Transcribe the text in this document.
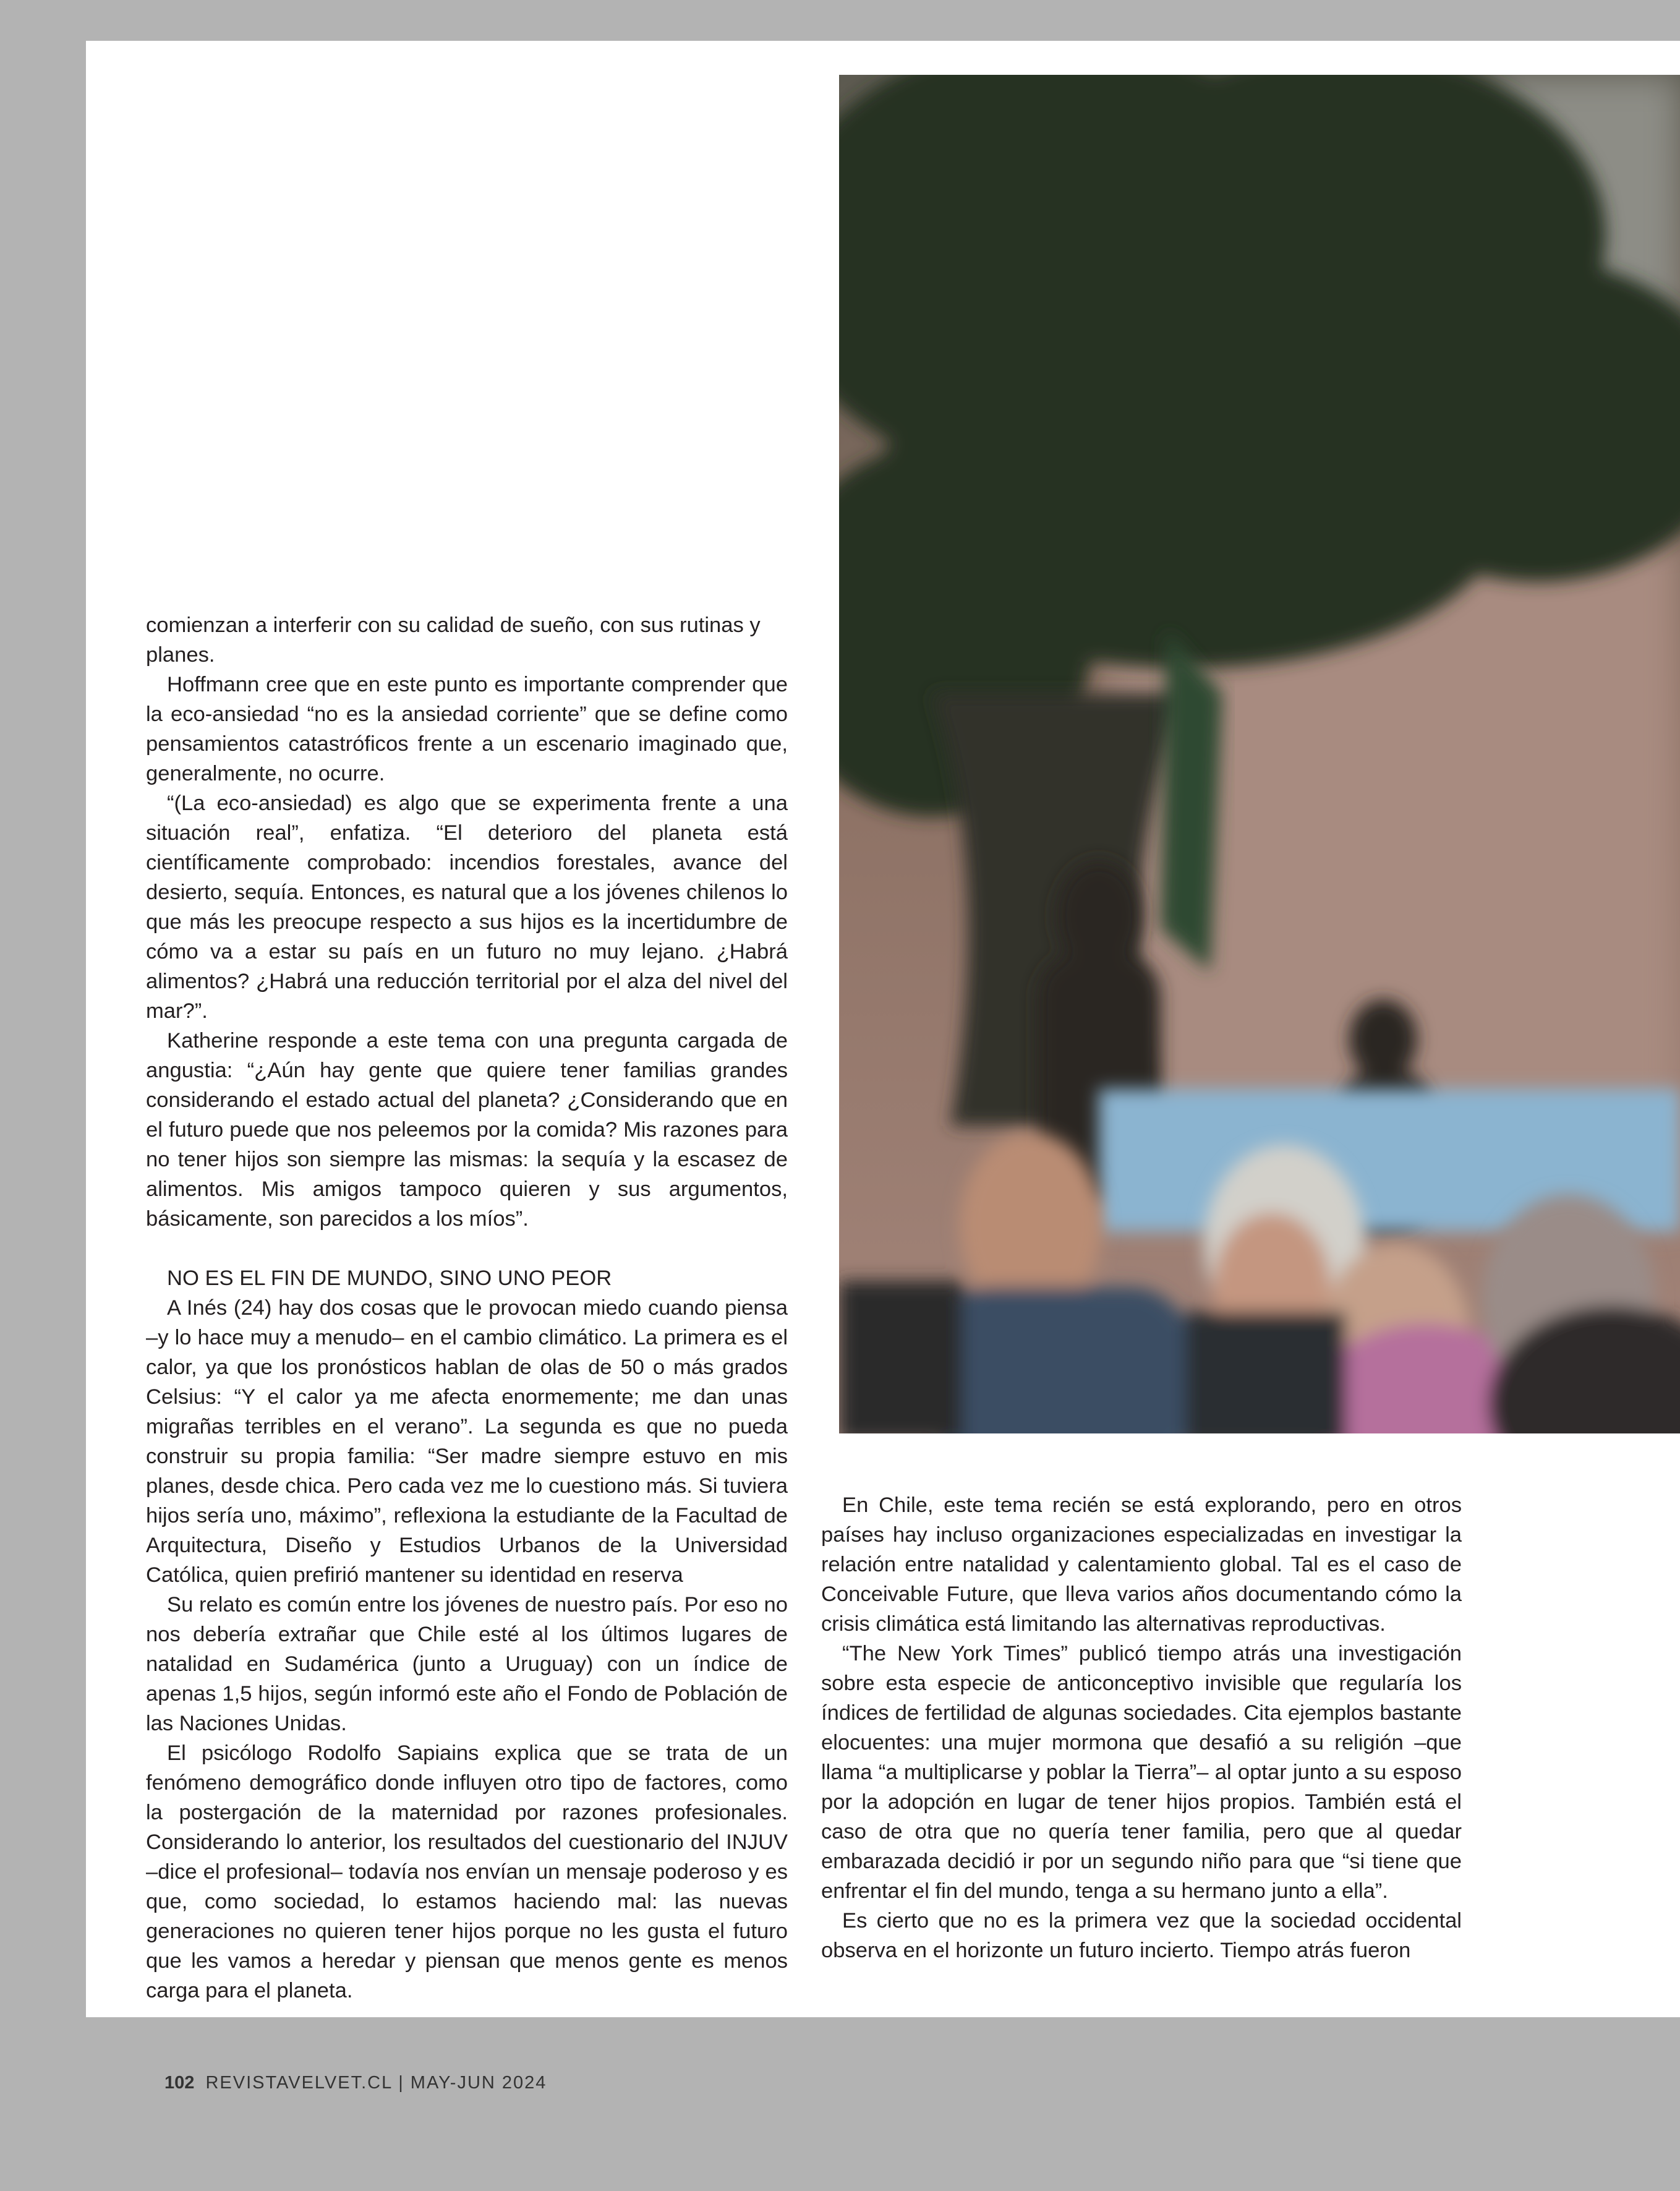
comienzan a interferir con su calidad de sueño, con sus rutinas y planes.

Hoffmann cree que en este punto es importante comprender que la eco-ansiedad “no es la ansiedad corriente” que se define como pensamientos catastróficos frente a un escenario imaginado que, generalmente, no ocurre.

“(La eco-ansiedad) es algo que se experimenta frente a una situación real”, enfatiza. “El deterioro del planeta está científicamente comprobado: incendios forestales, avance del desierto, sequía. Entonces, es natural que a los jóvenes chilenos lo que más les preocupe respecto a sus hijos es la incertidumbre de cómo va a estar su país en un futuro no muy lejano. ¿Habrá alimentos? ¿Habrá una reducción territorial por el alza del nivel del mar?”.

Katherine responde a este tema con una pregunta cargada de angustia: “¿Aún hay gente que quiere tener familias grandes considerando el estado actual del planeta? ¿Considerando que en el futuro puede que nos peleemos por la comida? Mis razones para no tener hijos son siempre las mismas: la sequía y la escasez de alimentos. Mis amigos tampoco quieren y sus argumentos, básicamente, son parecidos a los míos”.

NO ES EL FIN DE MUNDO, SINO UNO PEOR

A Inés (24) hay dos cosas que le provocan miedo cuando piensa –y lo hace muy a menudo– en el cambio climático. La primera es el calor, ya que los pronósticos hablan de olas de 50 o más grados Celsius: “Y el calor ya me afecta enormemente; me dan unas migrañas terribles en el verano”. La segunda es que no pueda construir su propia familia: “Ser madre siempre estuvo en mis planes, desde chica. Pero cada vez me lo cuestiono más. Si tuviera hijos sería uno, máximo”, reflexiona la estudiante de la Facultad de Arquitectura, Diseño y Estudios Urbanos de la Universidad Católica, quien prefirió mantener su identidad en reserva

Su relato es común entre los jóvenes de nuestro país. Por eso no nos debería extrañar que Chile esté al los últimos lugares de natalidad en Sudamérica (junto a Uruguay) con un índice de apenas 1,5 hijos, según informó este año el Fondo de Población de las Naciones Unidas.

El psicólogo Rodolfo Sapiains explica que se trata de un fenómeno demográfico donde influyen otro tipo de factores, como la postergación de la maternidad por razones profesionales. Considerando lo anterior, los resultados del cuestionario del INJUV –dice el profesional– todavía nos envían un mensaje poderoso y es que, como sociedad, lo estamos haciendo mal: las nuevas generaciones no quieren tener hijos porque no les gusta el futuro que les vamos a heredar y piensan que menos gente es menos carga para el planeta.

En Chile, este tema recién se está explorando, pero en otros países hay incluso organizaciones especializadas en investigar la relación entre natalidad y calentamiento global. Tal es el caso de Conceivable Future, que lleva varios años documentando cómo la crisis climática está limitando las alternativas reproductivas.

“The New York Times” publicó tiempo atrás una investigación sobre esta especie de anticonceptivo invisible que regularía los índices de fertilidad de algunas sociedades. Cita ejemplos bastante elocuentes: una mujer mormona que desafió a su religión –que llama “a multiplicarse y poblar la Tierra”– al optar junto a su esposo por la adopción en lugar de tener hijos propios. También está el caso de otra que no quería tener familia, pero que al quedar embarazada decidió ir por un segundo niño para que “si tiene que enfrentar el fin del mundo, tenga a su hermano junto a ella”.

Es cierto que no es la primera vez que la sociedad occidental observa en el horizonte un futuro incierto. Tiempo atrás fueron

102 REVISTAVELVET.CL | MAY-JUN 2024
